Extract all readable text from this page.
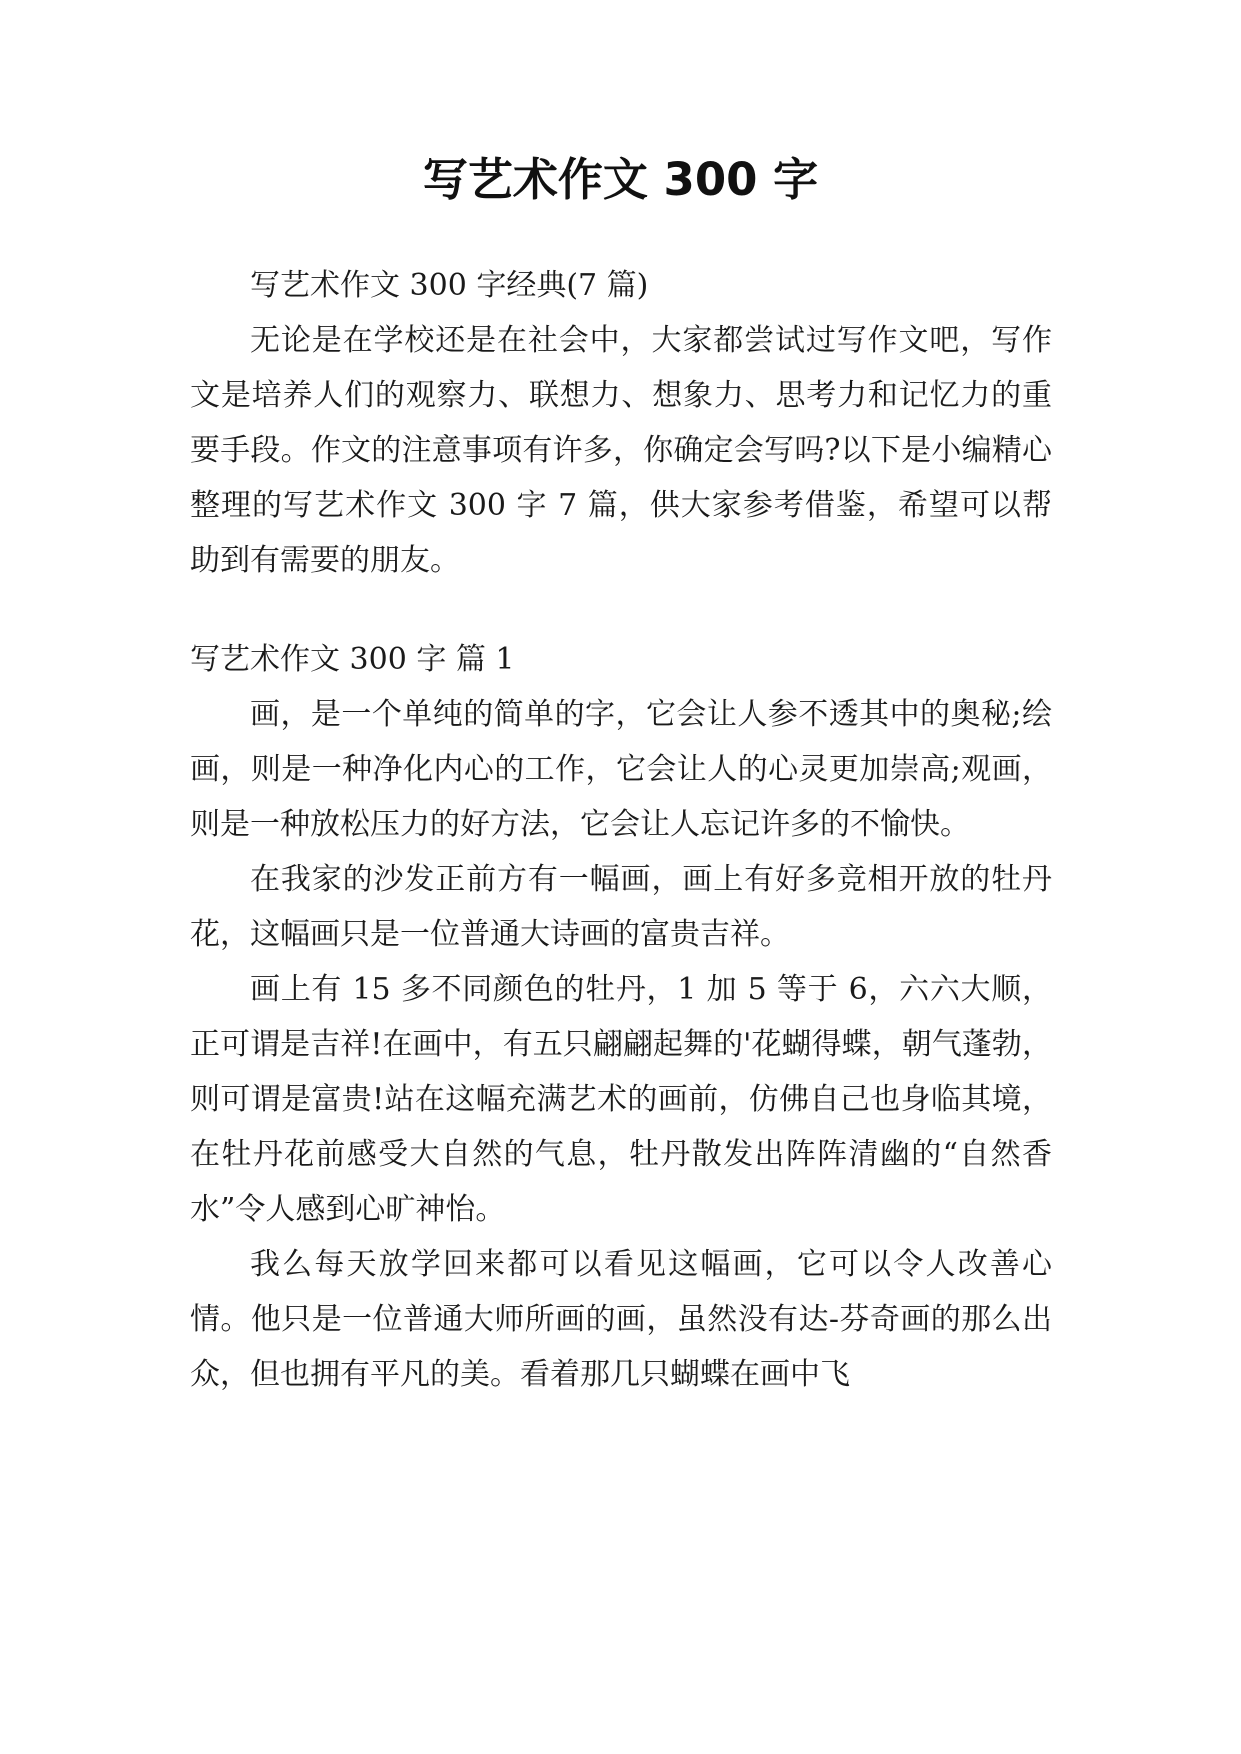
写艺术作文 300 字

写艺术作文 300 字经典(7 篇)

无论是在学校还是在社会中，大家都尝试过写作文吧，写作文是培养人们的观察力、联想力、想象力、思考力和记忆力的重要手段。作文的注意事项有许多，你确定会写吗?以下是小编精心整理的写艺术作文 300 字 7 篇，供大家参考借鉴，希望可以帮助到有需要的朋友。

写艺术作文 300 字 篇 1

画，是一个单纯的简单的字，它会让人参不透其中的奥秘;绘画，则是一种净化内心的工作，它会让人的心灵更加崇高;观画，则是一种放松压力的好方法，它会让人忘记许多的不愉快。

在我家的沙发正前方有一幅画，画上有好多竞相开放的牡丹花，这幅画只是一位普通大诗画的富贵吉祥。

画上有 15 多不同颜色的牡丹，1 加 5 等于 6，六六大顺，正可谓是吉祥!在画中，有五只翩翩起舞的'花蝴得蝶，朝气蓬勃，则可谓是富贵!站在这幅充满艺术的画前，仿佛自己也身临其境，在牡丹花前感受大自然的气息，牡丹散发出阵阵清幽的“自然香水”令人感到心旷神怡。

我么每天放学回来都可以看见这幅画，它可以令人改善心情。他只是一位普通大师所画的画，虽然没有达-芬奇画的那么出众，但也拥有平凡的美。看着那几只蝴蝶在画中飞
